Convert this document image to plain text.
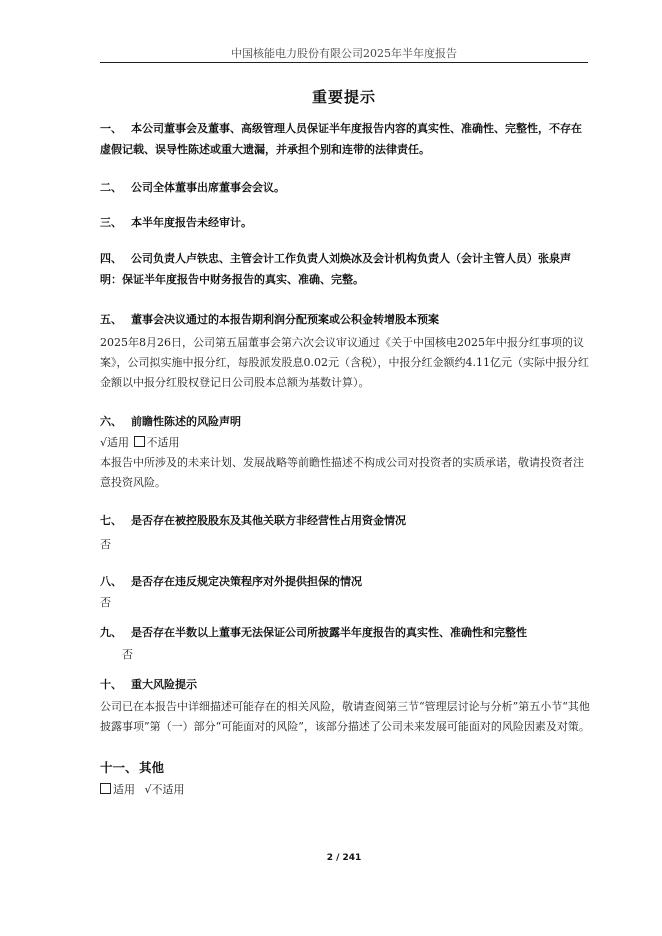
中国核能电力股份有限公司2025年半年度报告
重要提示
一、 本公司董事会及董事、高级管理人员保证半年度报告内容的真实性、准确性、完整性，不存在虚假记载、误导性陈述或重大遗漏，并承担个别和连带的法律责任。
二、 公司全体董事出席董事会会议。
三、 本半年度报告未经审计。
四、 公司负责人卢铁忠、主管会计工作负责人刘焕冰及会计机构负责人（会计主管人员）张泉声明：保证半年度报告中财务报告的真实、准确、完整。
五、 董事会决议通过的本报告期利润分配预案或公积金转增股本预案
2025年8月26日，公司第五届董事会第六次会议审议通过《关于中国核电2025年中报分红事项的议案》，公司拟实施中报分红，每股派发股息0.02元（含税），中报分红金额约4.11亿元（实际中报分红金额以中报分红股权登记日公司股本总额为基数计算）。
六、 前瞻性陈述的风险声明
√适用 不适用
本报告中所涉及的未来计划、发展战略等前瞻性描述不构成公司对投资者的实质承诺，敬请投资者注意投资风险。
七、 是否存在被控股股东及其他关联方非经营性占用资金情况
否
八、 是否存在违反规定决策程序对外提供担保的情况
否
九、 是否存在半数以上董事无法保证公司所披露半年度报告的真实性、准确性和完整性
否
十、 重大风险提示
公司已在本报告中详细描述可能存在的相关风险，敬请查阅第三节“管理层讨论与分析”第五小节“其他披露事项”第（一）部分“可能面对的风险”，该部分描述了公司未来发展可能面对的风险因素及对策。
十一、其他
适用 √不适用
2 / 241
